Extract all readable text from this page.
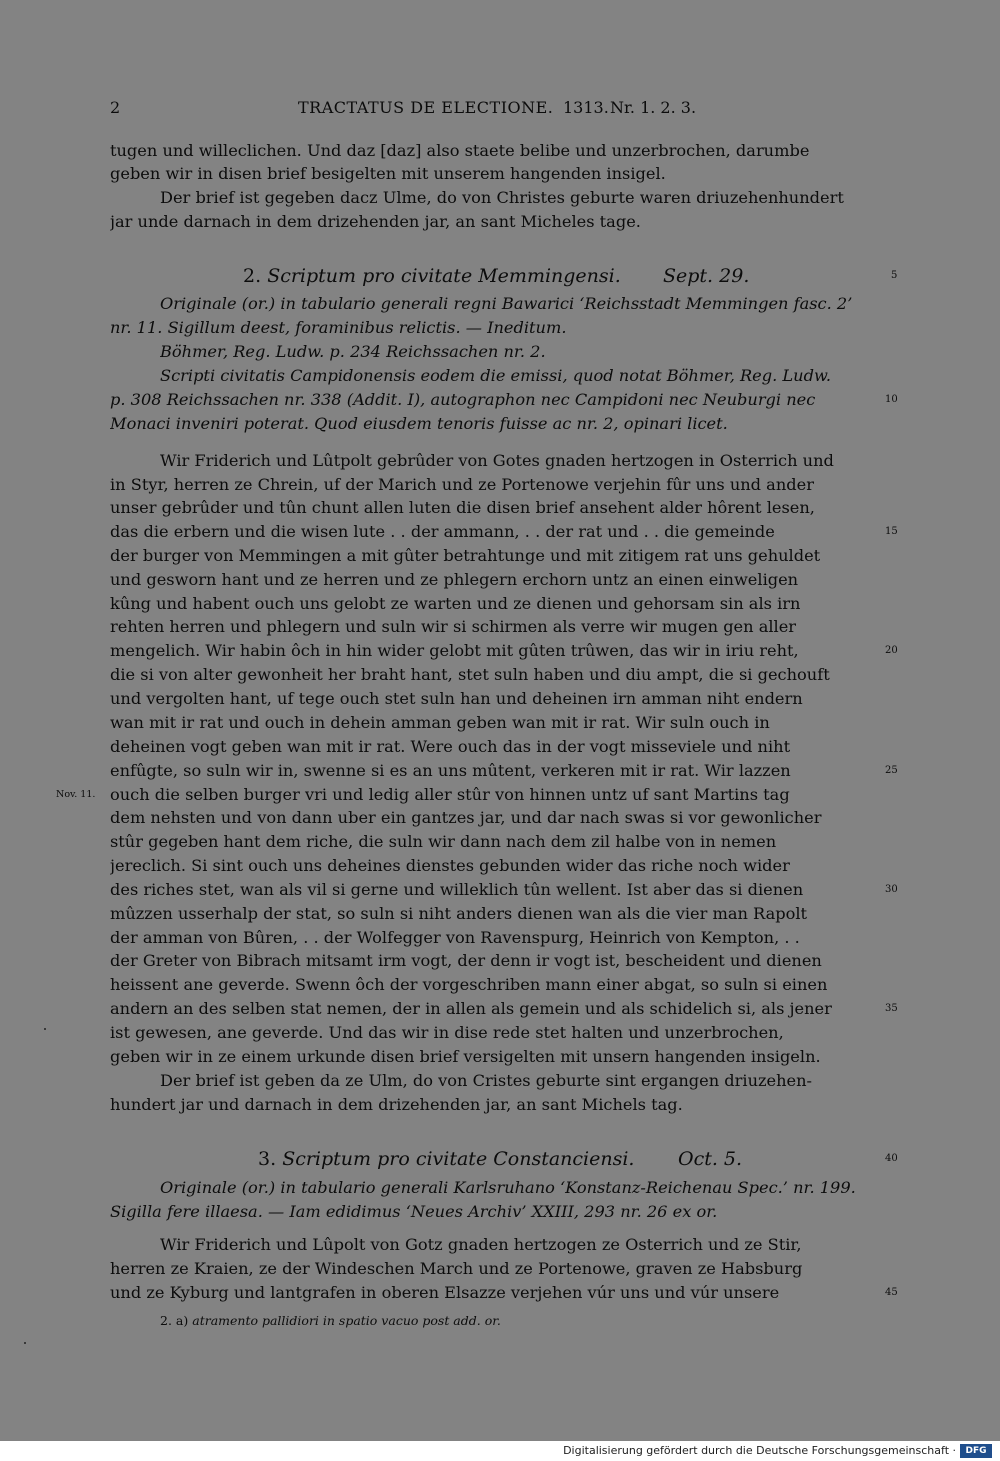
2	TRACTATUS DE ELECTIONE. 1313. Nr. 1. 2. 3.
tugen und willeclichen. Und daz [daz] also staete belibe und unzerbrochen, darumbe
geben wir in disen brief besigelten mit unserem hangenden insigel.
Der brief ist gegeben dacz Ulme, do von Christes geburte waren driuzehenhundert
jar unde darnach in dem drizehenden jar, an sant Micheles tage.
2. Scriptum pro civitate Memmingensi. Sept. 29.	5
Originale (or.) in tabulario generali regni Bawarici ‘Reichsstadt Memmingen fasc. 2’
nr. 11. Sigillum deest, foraminibus relictis. — Ineditum.
Böhmer, Reg. Ludw. p. 234 Reichssachen nr. 2.
Scripti civitatis Campidonensis eodem die emissi, quod notat Böhmer, Reg. Ludw.
p. 308 Reichssachen nr. 338 (Addit. I), autographon nec Campidoni nec Neuburgi nec	10
Monaci inveniri poterat. Quod eiusdem tenoris fuisse ac nr. 2, opinari licet.
Wir Friderich und Lûtpolt gebrûder von Gotes gnaden hertzogen in Osterrich und
in Styr, herren ze Chrein, uf der Marich und ze Portenowe verjehin fûr uns und ander
unser gebrûder und tûn chunt allen luten die disen brief ansehent alder hôrent lesen,
das die erbern und die wisen lute . . der ammann, . . der rat und . . die gemeinde	15
der burger von Memmingen a mit gûter betrahtunge und mit zitigem rat uns gehuldet
und gesworn hant und ze herren und ze phlegern erchorn untz an einen einweligen
kûng und habent ouch uns gelobt ze warten und ze dienen und gehorsam sin als irn
rehten herren und phlegern und suln wir si schirmen als verre wir mugen gen aller
mengelich. Wir habin ôch in hin wider gelobt mit gûten trûwen, das wir in iriu reht,	20
die si von alter gewonheit her braht hant, stet suln haben und diu ampt, die si gechouft
und vergolten hant, uf tege ouch stet suln han und deheinen irn amman niht endern
wan mit ir rat und ouch in dehein amman geben wan mit ir rat. Wir suln ouch in
deheinen vogt geben wan mit ir rat. Were ouch das in der vogt misseviele und niht
enfûgte, so suln wir in, swenne si es an uns mûtent, verkeren mit ir rat. Wir lazzen	25
Nov. 11. ouch die selben burger vri und ledig aller stûr von hinnen untz uf sant Martins tag
dem nehsten und von dann uber ein gantzes jar, und dar nach swas si vor gewonlicher
stûr gegeben hant dem riche, die suln wir dann nach dem zil halbe von in nemen
jereclich. Si sint ouch uns deheines dienstes gebunden wider das riche noch wider
des riches stet, wan als vil si gerne und willeklich tûn wellent. Ist aber das si dienen	30
mûzzen usserhalp der stat, so suln si niht anders dienen wan als die vier man Rapolt
der amman von Bûren, . . der Wolfegger von Ravenspurg, Heinrich von Kempton, . .
der Greter von Bibrach mitsamt irm vogt, der denn ir vogt ist, bescheident und dienen
heissent ane geverde. Swenn ôch der vorgeschriben mann einer abgat, so suln si einen
andern an des selben stat nemen, der in allen als gemein und als schidelich si, als jener	35
ist gewesen, ane geverde. Und das wir in dise rede stet halten und unzerbrochen,
geben wir in ze einem urkunde disen brief versigelten mit unsern hangenden insigeln.
Der brief ist geben da ze Ulm, do von Cristes geburte sint ergangen driuzehen-
hundert jar und darnach in dem drizehenden jar, an sant Michels tag.
3. Scriptum pro civitate Constanciensi. Oct. 5.	40
Originale (or.) in tabulario generali Karlsruhano ‘Konstanz-Reichenau Spec.’ nr. 199.
Sigilla fere illaesa. — Iam edidimus ‘Neues Archiv’ XXIII, 293 nr. 26 ex or.
Wir Friderich und Lûpolt von Gotz gnaden hertzogen ze Osterrich und ze Stir,
herren ze Kraien, ze der Windeschen March und ze Portenowe, graven ze Habsburg
und ze Kyburg und lantgrafen in oberen Elsazze verjehen vúr uns und vúr unsere	45
2. a) atramento pallidiori in spatio vacuo post add. or.
Digitalisierung gefördert durch die Deutsche Forschungsgemeinschaft ·	DFG
